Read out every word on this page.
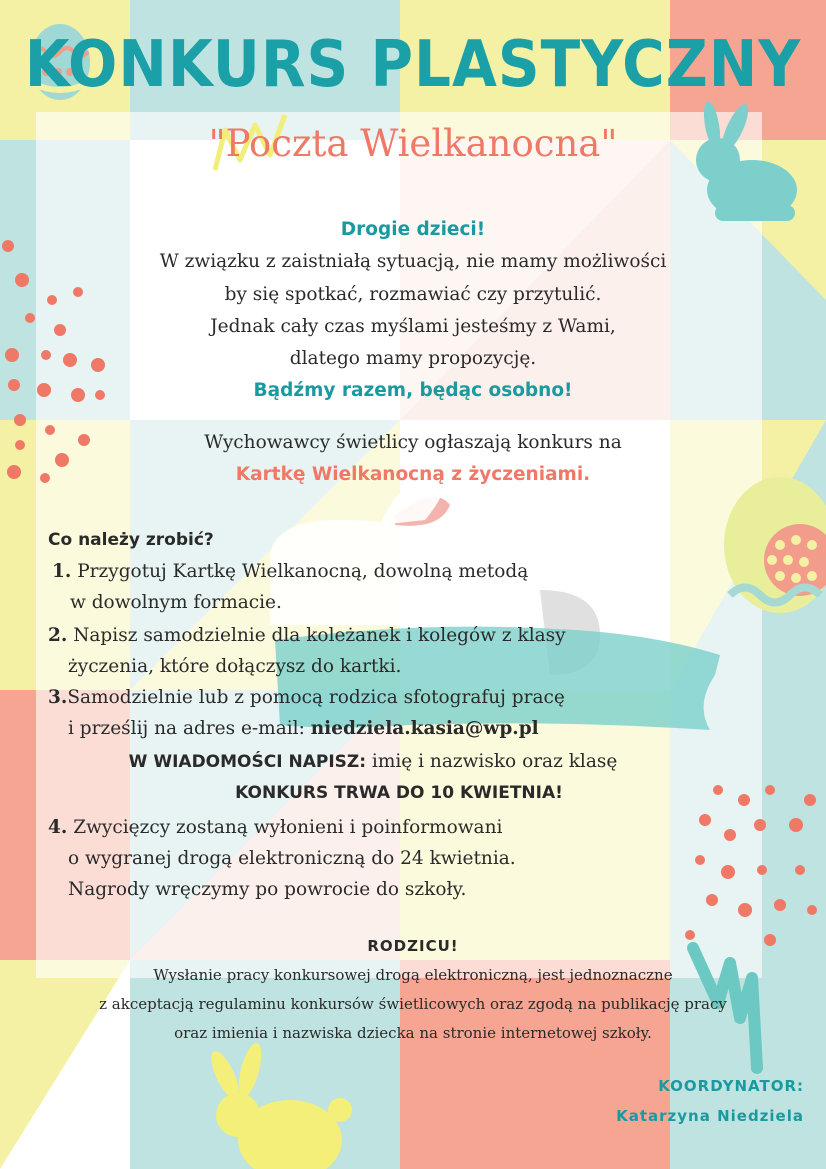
KONKURS PLASTYCZNY
"Poczta Wielkanocna"
Drogie dzieci!
W związku z zaistniałą sytuacją, nie mamy możliwości
by się spotkać, rozmawiać czy przytulić.
Jednak cały czas myślami jesteśmy z Wami,
dlatego mamy propozycję.
Bądźmy razem, będąc osobno!
Wychowawcy świetlicy ogłaszają konkurs na
Kartkę Wielkanocną z życzeniami.
Co należy zrobić?
1. Przygotuj Kartkę Wielkanocną, dowolną metodą
w dowolnym formacie.
2. Napisz samodzielnie dla koleżanek i kolegów z klasy
życzenia, które dołączysz do kartki.
3.Samodzielnie lub z pomocą rodzica sfotografuj pracę
i prześlij na adres e-mail: niedziela.kasia@wp.pl
W WIADOMOŚCI NAPISZ: imię i nazwisko oraz klasę
KONKURS TRWA DO 10 KWIETNIA!
4. Zwycięzcy zostaną wyłonieni i poinformowani
o wygranej drogą elektroniczną do 24 kwietnia.
Nagrody wręczymy po powrocie do szkoły.
RODZICU!
Wysłanie pracy konkursowej drogą elektroniczną, jest jednoznaczne
z akceptacją regulaminu konkursów świetlicowych oraz zgodą na publikację pracy
oraz imienia i nazwiska dziecka na stronie internetowej szkoły.
KOORDYNATOR:
Katarzyna Niedziela
